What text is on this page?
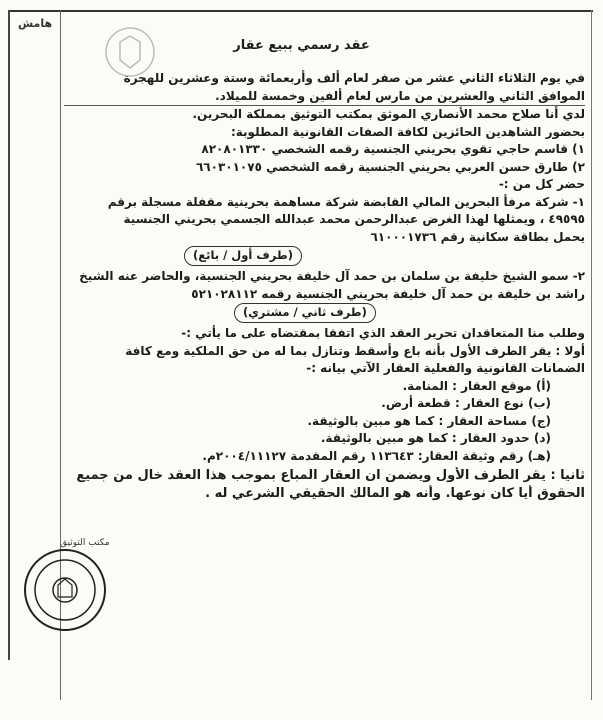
هامش
عقد رسمي ببيع عقار
في يوم الثلاثاء الثاني عشر من صفر لعام ألف وأربعمائة وستة وعشرين للهجرة
الموافق الثاني والعشرين من مارس لعام ألفين وخمسة للميلاد.
لدي أنا صلاح محمد الأنصاري الموثق بمكتب التوثيق بمملكة البحرين.
بحضور الشاهدين الحائزين لكافة الصفات القانونية المطلوبة:
١) قاسم حاجي تقوي بحريني الجنسية رقمه الشخصي ٨٢٠٨٠١٣٣٠
٢) طارق حسن العربي بحريني الجنسية رقمه الشخصي ٦٦٠٣٠١٠٧٥
حضر كل من :-
١- شركة مرفأ البحرين المالي القابضة شركة مساهمة بحرينية مقفلة مسجلة برقم
٤٩٥٩٥ ، ويمثلها لهذا الغرض عبدالرحمن محمد عبدالله الجسمي بحريني الجنسية
يحمل بطاقة سكانية رقم ٦١٠٠٠١٧٣٦
(طرف أول / بائع)
٢- سمو الشيخ خليفة بن سلمان بن حمد آل خليفة بحريني الجنسية، والحاضر عنه الشيخ
راشد بن خليفة بن حمد آل خليفة بحريني الجنسية رقمه ٥٢١٠٢٨١١٢
(طرف ثاني / مشتري)
وطلب منا المتعاقدان تحرير العقد الذي اتفقا بمقتضاه على ما يأتي :-
أولا : يقر الطرف الأول بأنه باع وأسقط وتنازل بما له من حق الملكية ومع كافة
الضمانات القانونية والفعلية العقار الآتي بيانه :-
(أ) موقع العقار : المنامة.
(ب) نوع العقار : قطعة أرض.
(ج) مساحة العقار : كما هو مبين بالوثيقة.
(د) حدود العقار : كما هو مبين بالوثيقة.
(هـ) رقم وثيقة العقار: ١١٣٦٤٣ رقم المقدمة ٢٠٠٤/١١١٢٧م.
ثانيا : يقر الطرف الأول ويضمن ان العقار المباع بموجب هذا العقد خال من جميع
الحقوق أيا كان نوعها. وأنه هو المالك الحقيقي الشرعي له .
مكتب التوثيق
